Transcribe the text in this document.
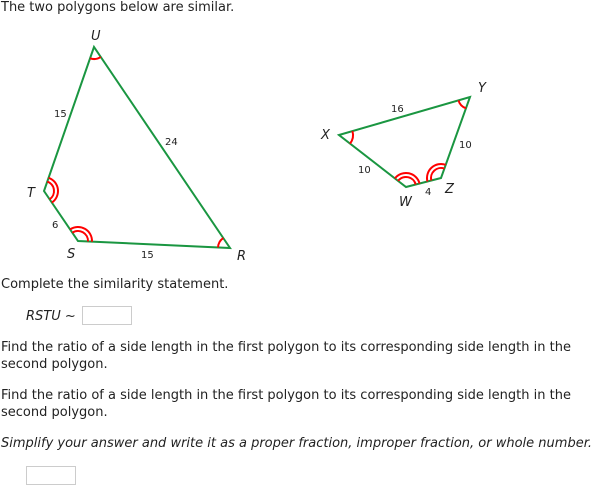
The two polygons below are similar.
U
T
S	R
X
Y
Z
W
15
24
6
15
16
10
10
4
Complete the similarity statement.
RSTU ~
Find the ratio of a side length in the first polygon to its corresponding side length in the
second polygon.
Find the ratio of a side length in the first polygon to its corresponding side length in the
second polygon.
Simplify your answer and write it as a proper fraction, improper fraction, or whole number.
